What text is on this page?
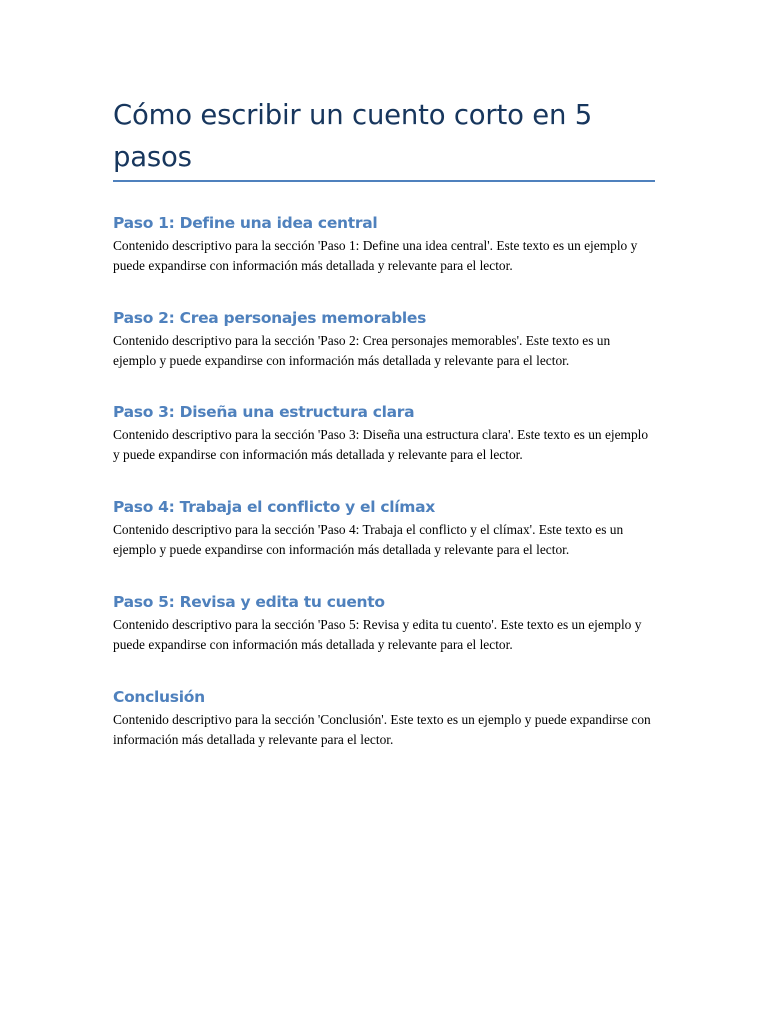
Cómo escribir un cuento corto en 5 pasos
Paso 1: Define una idea central

Contenido descriptivo para la sección 'Paso 1: Define una idea central'. Este texto es un ejemplo y puede expandirse con información más detallada y relevante para el lector.

Paso 2: Crea personajes memorables

Contenido descriptivo para la sección 'Paso 2: Crea personajes memorables'. Este texto es un ejemplo y puede expandirse con información más detallada y relevante para el lector.

Paso 3: Diseña una estructura clara

Contenido descriptivo para la sección 'Paso 3: Diseña una estructura clara'. Este texto es un ejemplo y puede expandirse con información más detallada y relevante para el lector.

Paso 4: Trabaja el conflicto y el clímax

Contenido descriptivo para la sección 'Paso 4: Trabaja el conflicto y el clímax'. Este texto es un ejemplo y puede expandirse con información más detallada y relevante para el lector.

Paso 5: Revisa y edita tu cuento

Contenido descriptivo para la sección 'Paso 5: Revisa y edita tu cuento'. Este texto es un ejemplo y puede expandirse con información más detallada y relevante para el lector.

Conclusión

Contenido descriptivo para la sección 'Conclusión'. Este texto es un ejemplo y puede expandirse con información más detallada y relevante para el lector.
